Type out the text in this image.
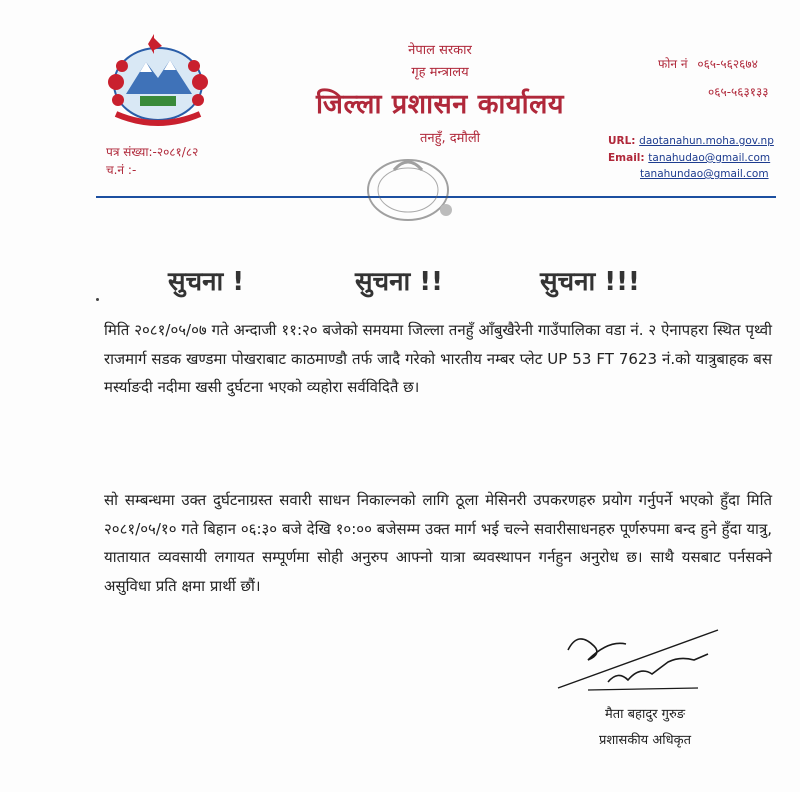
नेपाल सरकार
गृह मन्त्रालय
जिल्ला प्रशासन कार्यालय
तनहुँ, दमौली
फोन नं ०६५-५६२६७४
०६५-५६३१३३
URL: daotanahun.moha.gov.np
Email: tanahudao@gmail.com
tanahundao@gmail.com
पत्र संख्या:-२०८१/८२
च.नं :-
सुचना !	सुचना !!	सुचना !!!
मिति २०८१/०५/०७ गते अन्दाजी ११:२० बजेको समयमा जिल्ला तनहुँ आँबुखैरेनी गाउँपालिका वडा नं. २ ऐनापहरा स्थित पृथ्वी राजमार्ग सडक खण्डमा पोखराबाट काठमाण्डौ तर्फ जादै गरेको भारतीय नम्बर प्लेट UP 53 FT 7623 नं.को यात्रुबाहक बस मर्स्याङदी नदीमा खसी दुर्घटना भएको व्यहोरा सर्वविदितै छ।
सो सम्बन्धमा उक्त दुर्घटनाग्रस्त सवारी साधन निकाल्नको लागि ठूला मेसिनरी उपकरणहरु प्रयोग गर्नुपर्ने भएको हुँदा मिति २०८१/०५/१० गते बिहान ०६:३० बजे देखि १०:०० बजेसम्म उक्त मार्ग भई चल्ने सवारीसाधनहरु पूर्णरुपमा बन्द हुने हुँदा यात्रु, यातायात व्यवसायी लगायत सम्पूर्णमा सोही अनुरुप आफ्नो यात्रा ब्यवस्थापन गर्नहुन अनुरोध छ। साथै यसबाट पर्नसक्ने असुविधा प्रति क्षमा प्रार्थी छौं।
मैता बहादुर गुरुङ
प्रशासकीय अधिकृत
